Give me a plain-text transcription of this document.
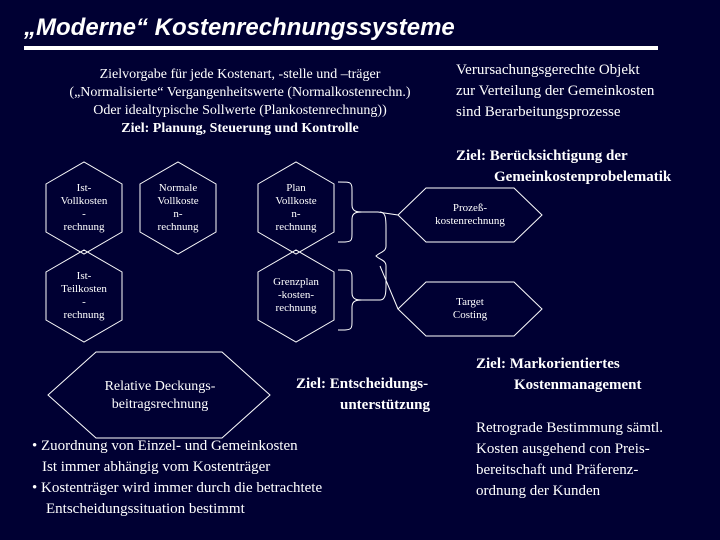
„Moderne“ Kostenrechnungssysteme
Zielvorgabe für jede Kostenart, -stelle und –träger
(„Normalisierte“ Vergangenheitswerte (Normalkostenrechn.)
Oder idealtypische Sollwerte (Plankostenrechnung))
Ziel: Planung, Steuerung und Kontrolle
Verursachungsgerechte Objekt
zur Verteilung der Gemeinkosten
sind Berarbeitungsprozesse
Ziel: Berücksichtigung der
Gemeinkostenprobelematik
Ist-
Vollkosten
-
rechnung
Normale
Vollkoste
n-
rechnung
Plan
Vollkoste
n-
rechnung
Prozeß-
kostenrechnung
Ist-
Teilkosten
-
rechnung
Grenzplan
-kosten-
rechnung	Target
Costing
Relative Deckungs-
beitragsrechnung
Ziel: Entscheidungs-
unterstützung
• Zuordnung von Einzel- und Gemeinkosten
Ist immer abhängig vom Kostenträger
• Kostenträger wird immer durch die betrachtete
Entscheidungssituation bestimmt
Ziel: Markorientiertes
Kostenmanagement
Retrograde Bestimmung sämtl.
Kosten ausgehend con Preis-
bereitschaft und Präferenz-
ordnung der Kunden
